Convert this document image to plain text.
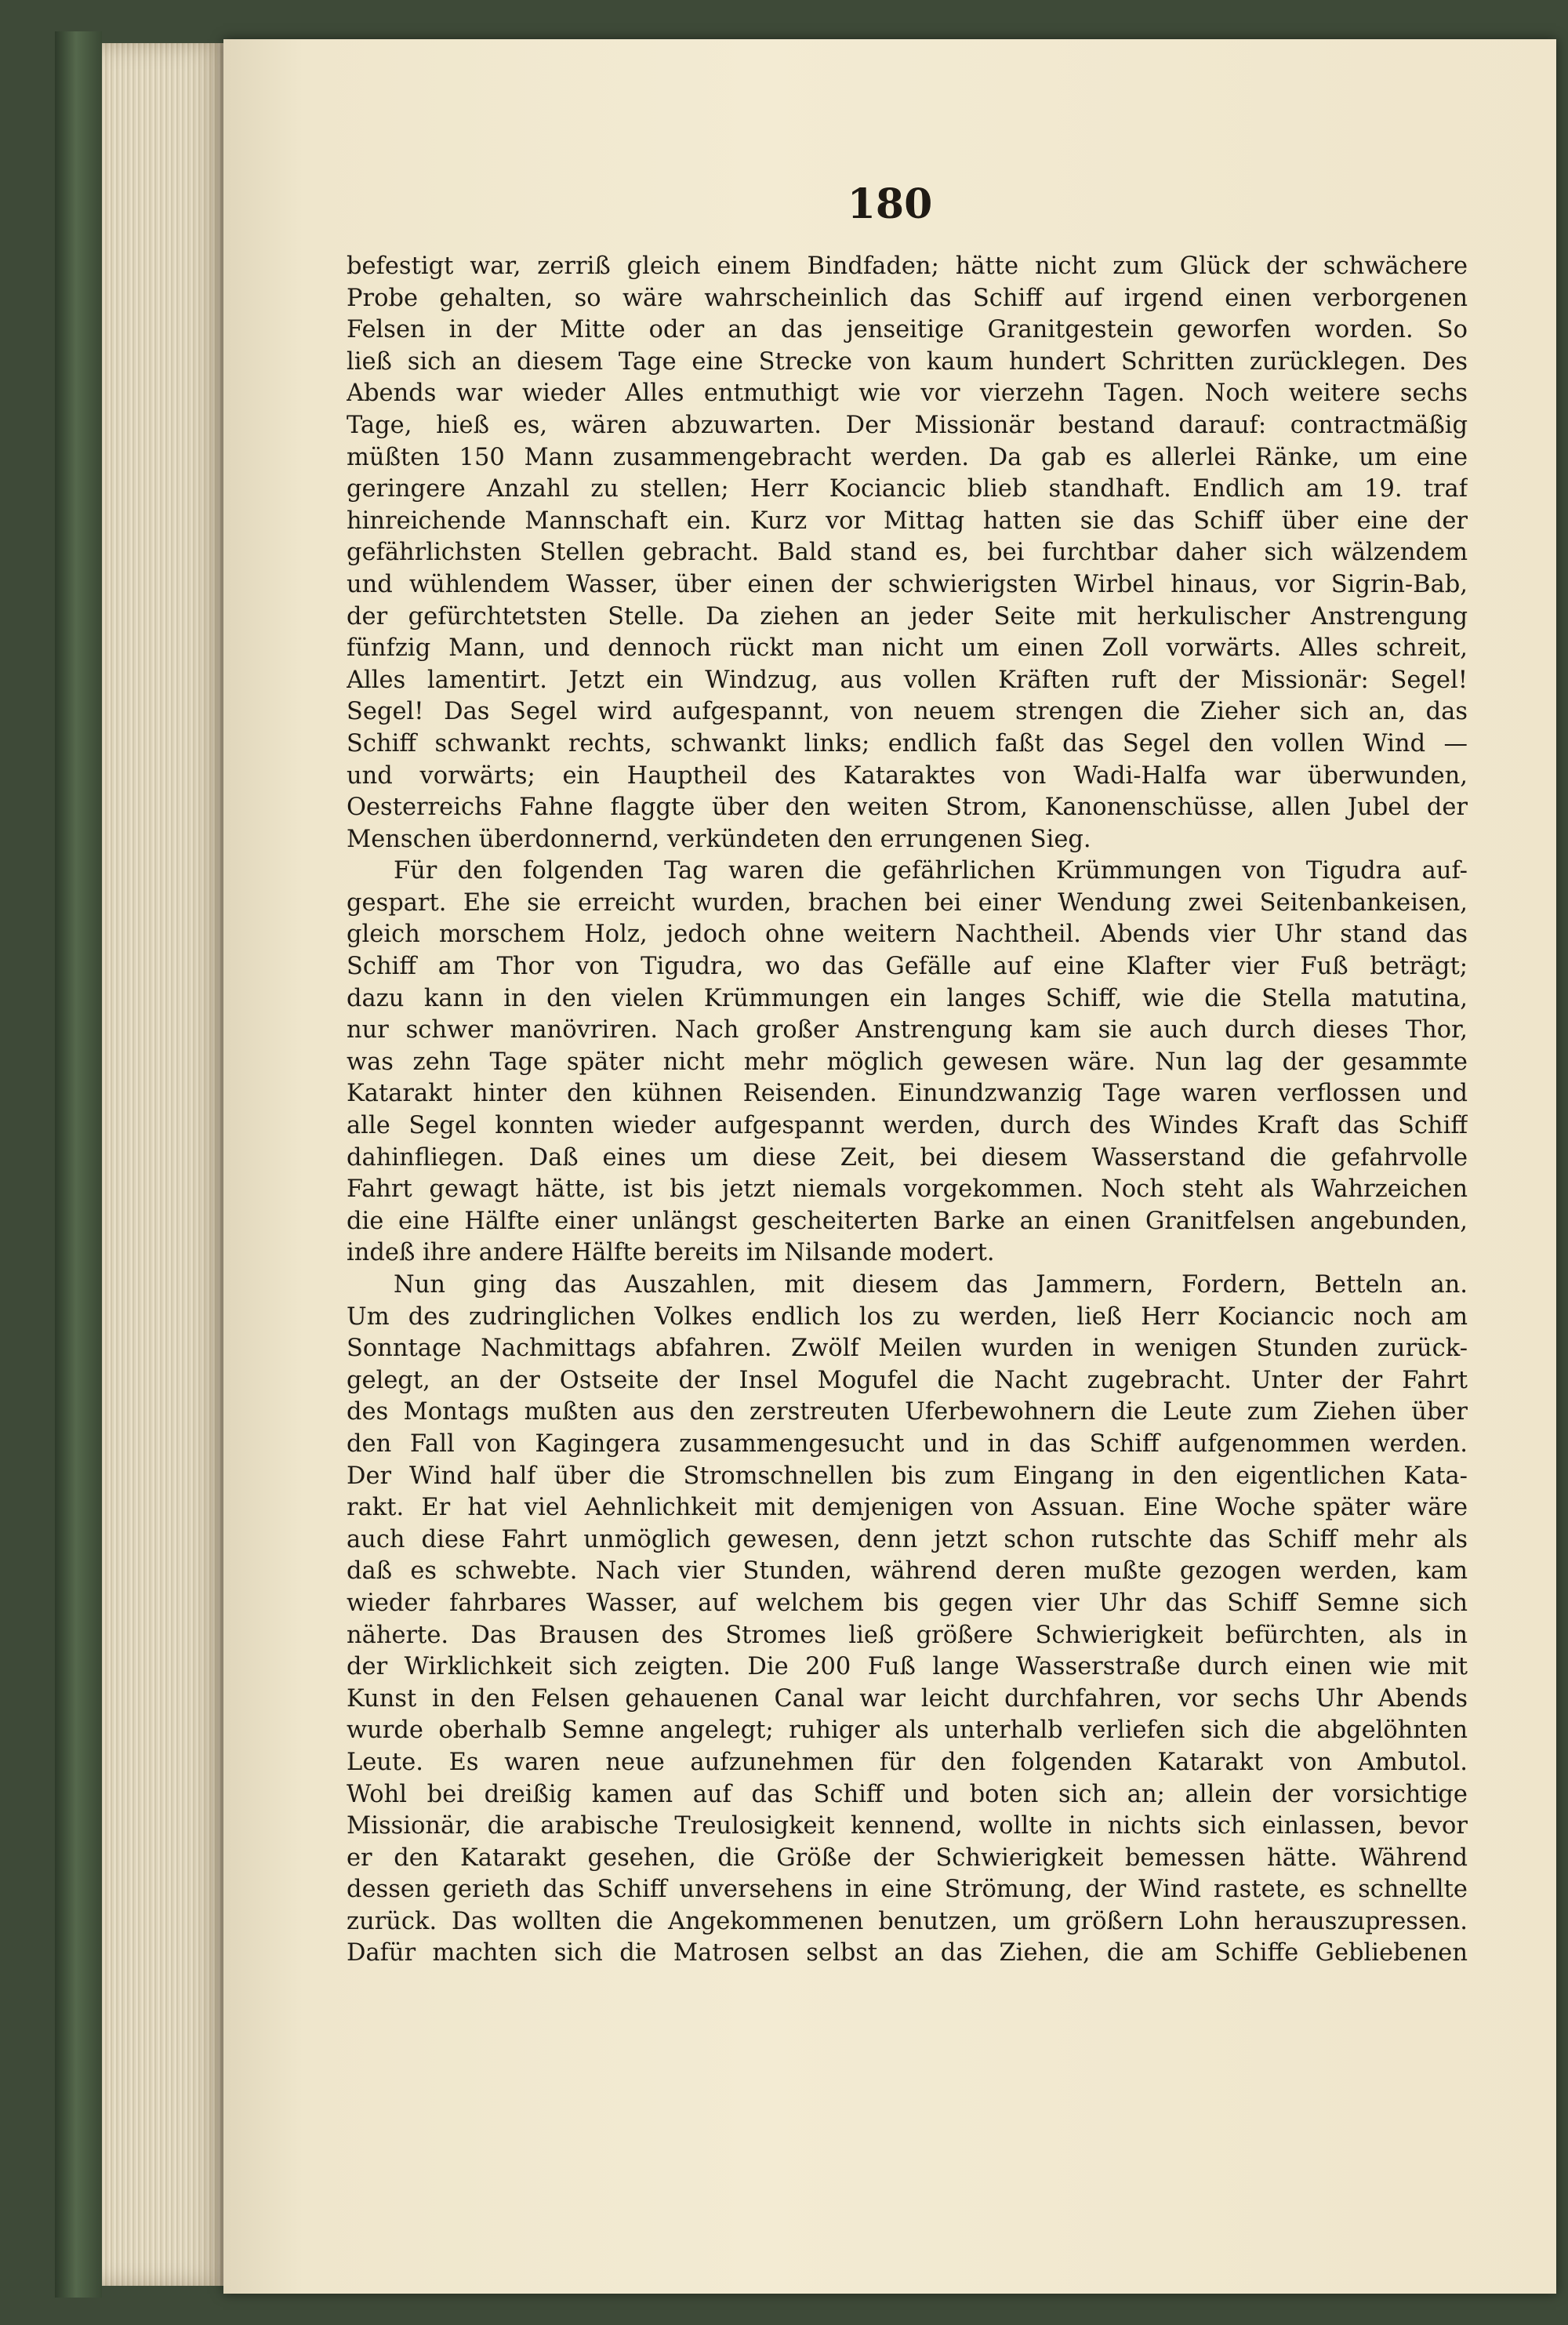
180
befestigt war, zerriß gleich einem Bindfaden; hätte nicht zum Glück der schwächere
Probe gehalten, so wäre wahrscheinlich das Schiff auf irgend einen verborgenen
Felsen in der Mitte oder an das jenseitige Granitgestein geworfen worden. So
ließ sich an diesem Tage eine Strecke von kaum hundert Schritten zurücklegen. Des
Abends war wieder Alles entmuthigt wie vor vierzehn Tagen. Noch weitere sechs
Tage, hieß es, wären abzuwarten. Der Missionär bestand darauf: contractmäßig
müßten 150 Mann zusammengebracht werden. Da gab es allerlei Ränke, um eine
geringere Anzahl zu stellen; Herr Kociancic blieb standhaft. Endlich am 19. traf
hinreichende Mannschaft ein. Kurz vor Mittag hatten sie das Schiff über eine der
gefährlichsten Stellen gebracht. Bald stand es, bei furchtbar daher sich wälzendem
und wühlendem Wasser, über einen der schwierigsten Wirbel hinaus, vor Sigrin-Bab,
der gefürchtetsten Stelle. Da ziehen an jeder Seite mit herkulischer Anstrengung
fünfzig Mann, und dennoch rückt man nicht um einen Zoll vorwärts. Alles schreit,
Alles lamentirt. Jetzt ein Windzug, aus vollen Kräften ruft der Missionär: Segel!
Segel! Das Segel wird aufgespannt, von neuem strengen die Zieher sich an, das
Schiff schwankt rechts, schwankt links; endlich faßt das Segel den vollen Wind —
und vorwärts; ein Hauptheil des Kataraktes von Wadi-Halfa war überwunden,
Oesterreichs Fahne flaggte über den weiten Strom, Kanonenschüsse, allen Jubel der
Menschen überdonnernd, verkündeten den errungenen Sieg.
Für den folgenden Tag waren die gefährlichen Krümmungen von Tigudra auf-
gespart. Ehe sie erreicht wurden, brachen bei einer Wendung zwei Seitenbankeisen,
gleich morschem Holz, jedoch ohne weitern Nachtheil. Abends vier Uhr stand das
Schiff am Thor von Tigudra, wo das Gefälle auf eine Klafter vier Fuß beträgt;
dazu kann in den vielen Krümmungen ein langes Schiff, wie die Stella matutina,
nur schwer manövriren. Nach großer Anstrengung kam sie auch durch dieses Thor,
was zehn Tage später nicht mehr möglich gewesen wäre. Nun lag der gesammte
Katarakt hinter den kühnen Reisenden. Einundzwanzig Tage waren verflossen und
alle Segel konnten wieder aufgespannt werden, durch des Windes Kraft das Schiff
dahinfliegen. Daß eines um diese Zeit, bei diesem Wasserstand die gefahrvolle
Fahrt gewagt hätte, ist bis jetzt niemals vorgekommen. Noch steht als Wahrzeichen
die eine Hälfte einer unlängst gescheiterten Barke an einen Granitfelsen angebunden,
indeß ihre andere Hälfte bereits im Nilsande modert.
Nun ging das Auszahlen, mit diesem das Jammern, Fordern, Betteln an.
Um des zudringlichen Volkes endlich los zu werden, ließ Herr Kociancic noch am
Sonntage Nachmittags abfahren. Zwölf Meilen wurden in wenigen Stunden zurück-
gelegt, an der Ostseite der Insel Mogufel die Nacht zugebracht. Unter der Fahrt
des Montags mußten aus den zerstreuten Uferbewohnern die Leute zum Ziehen über
den Fall von Kagingera zusammengesucht und in das Schiff aufgenommen werden.
Der Wind half über die Stromschnellen bis zum Eingang in den eigentlichen Kata-
rakt. Er hat viel Aehnlichkeit mit demjenigen von Assuan. Eine Woche später wäre
auch diese Fahrt unmöglich gewesen, denn jetzt schon rutschte das Schiff mehr als
daß es schwebte. Nach vier Stunden, während deren mußte gezogen werden, kam
wieder fahrbares Wasser, auf welchem bis gegen vier Uhr das Schiff Semne sich
näherte. Das Brausen des Stromes ließ größere Schwierigkeit befürchten, als in
der Wirklichkeit sich zeigten. Die 200 Fuß lange Wasserstraße durch einen wie mit
Kunst in den Felsen gehauenen Canal war leicht durchfahren, vor sechs Uhr Abends
wurde oberhalb Semne angelegt; ruhiger als unterhalb verliefen sich die abgelöhnten
Leute. Es waren neue aufzunehmen für den folgenden Katarakt von Ambutol.
Wohl bei dreißig kamen auf das Schiff und boten sich an; allein der vorsichtige
Missionär, die arabische Treulosigkeit kennend, wollte in nichts sich einlassen, bevor
er den Katarakt gesehen, die Größe der Schwierigkeit bemessen hätte. Während
dessen gerieth das Schiff unversehens in eine Strömung, der Wind rastete, es schnellte
zurück. Das wollten die Angekommenen benutzen, um größern Lohn herauszupressen.
Dafür machten sich die Matrosen selbst an das Ziehen, die am Schiffe Gebliebenen
